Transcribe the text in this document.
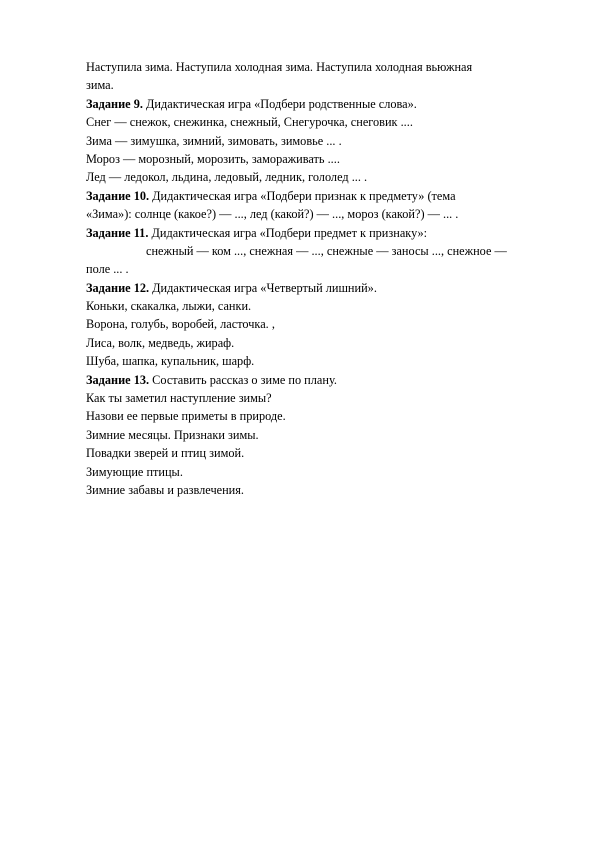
Наступила зима. Наступила холодная зима. Наступила холодная вьюжная
зима.
Задание 9. Дидактическая игра «Подбери родственные слова».
Снег — снежок, снежинка, снежный, Снегурочка, снеговик ....
Зима — зимушка, зимний, зимовать, зимовье ... .
Мороз — морозный, морозить, замораживать ....
Лед — ледокол, льдина, ледовый, ледник, гололед ... .
Задание 10. Дидактическая игра «Подбери признак к предмету» (тема
«Зима»): солнце (какое?) — ..., лед (какой?) — ..., мороз (какой?) — ... .
Задание 11. Дидактическая игра «Подбери предмет к признаку»:
снежный — ком ..., снежная — ..., снежные — заносы ..., снежное —
поле ... .
Задание 12. Дидактическая игра «Четвертый лишний».
Коньки, скакалка, лыжи, санки.
Ворона, голубь, воробей, ласточка. ,
Лиса, волк, медведь, жираф.
Шуба, шапка, купальник, шарф.
Задание 13. Составить рассказ о зиме по плану.
Как ты заметил наступление зимы?
Назови ее первые приметы в природе.
Зимние месяцы. Признаки зимы.
Повадки зверей и птиц зимой.
Зимующие птицы.
Зимние забавы и развлечения.
